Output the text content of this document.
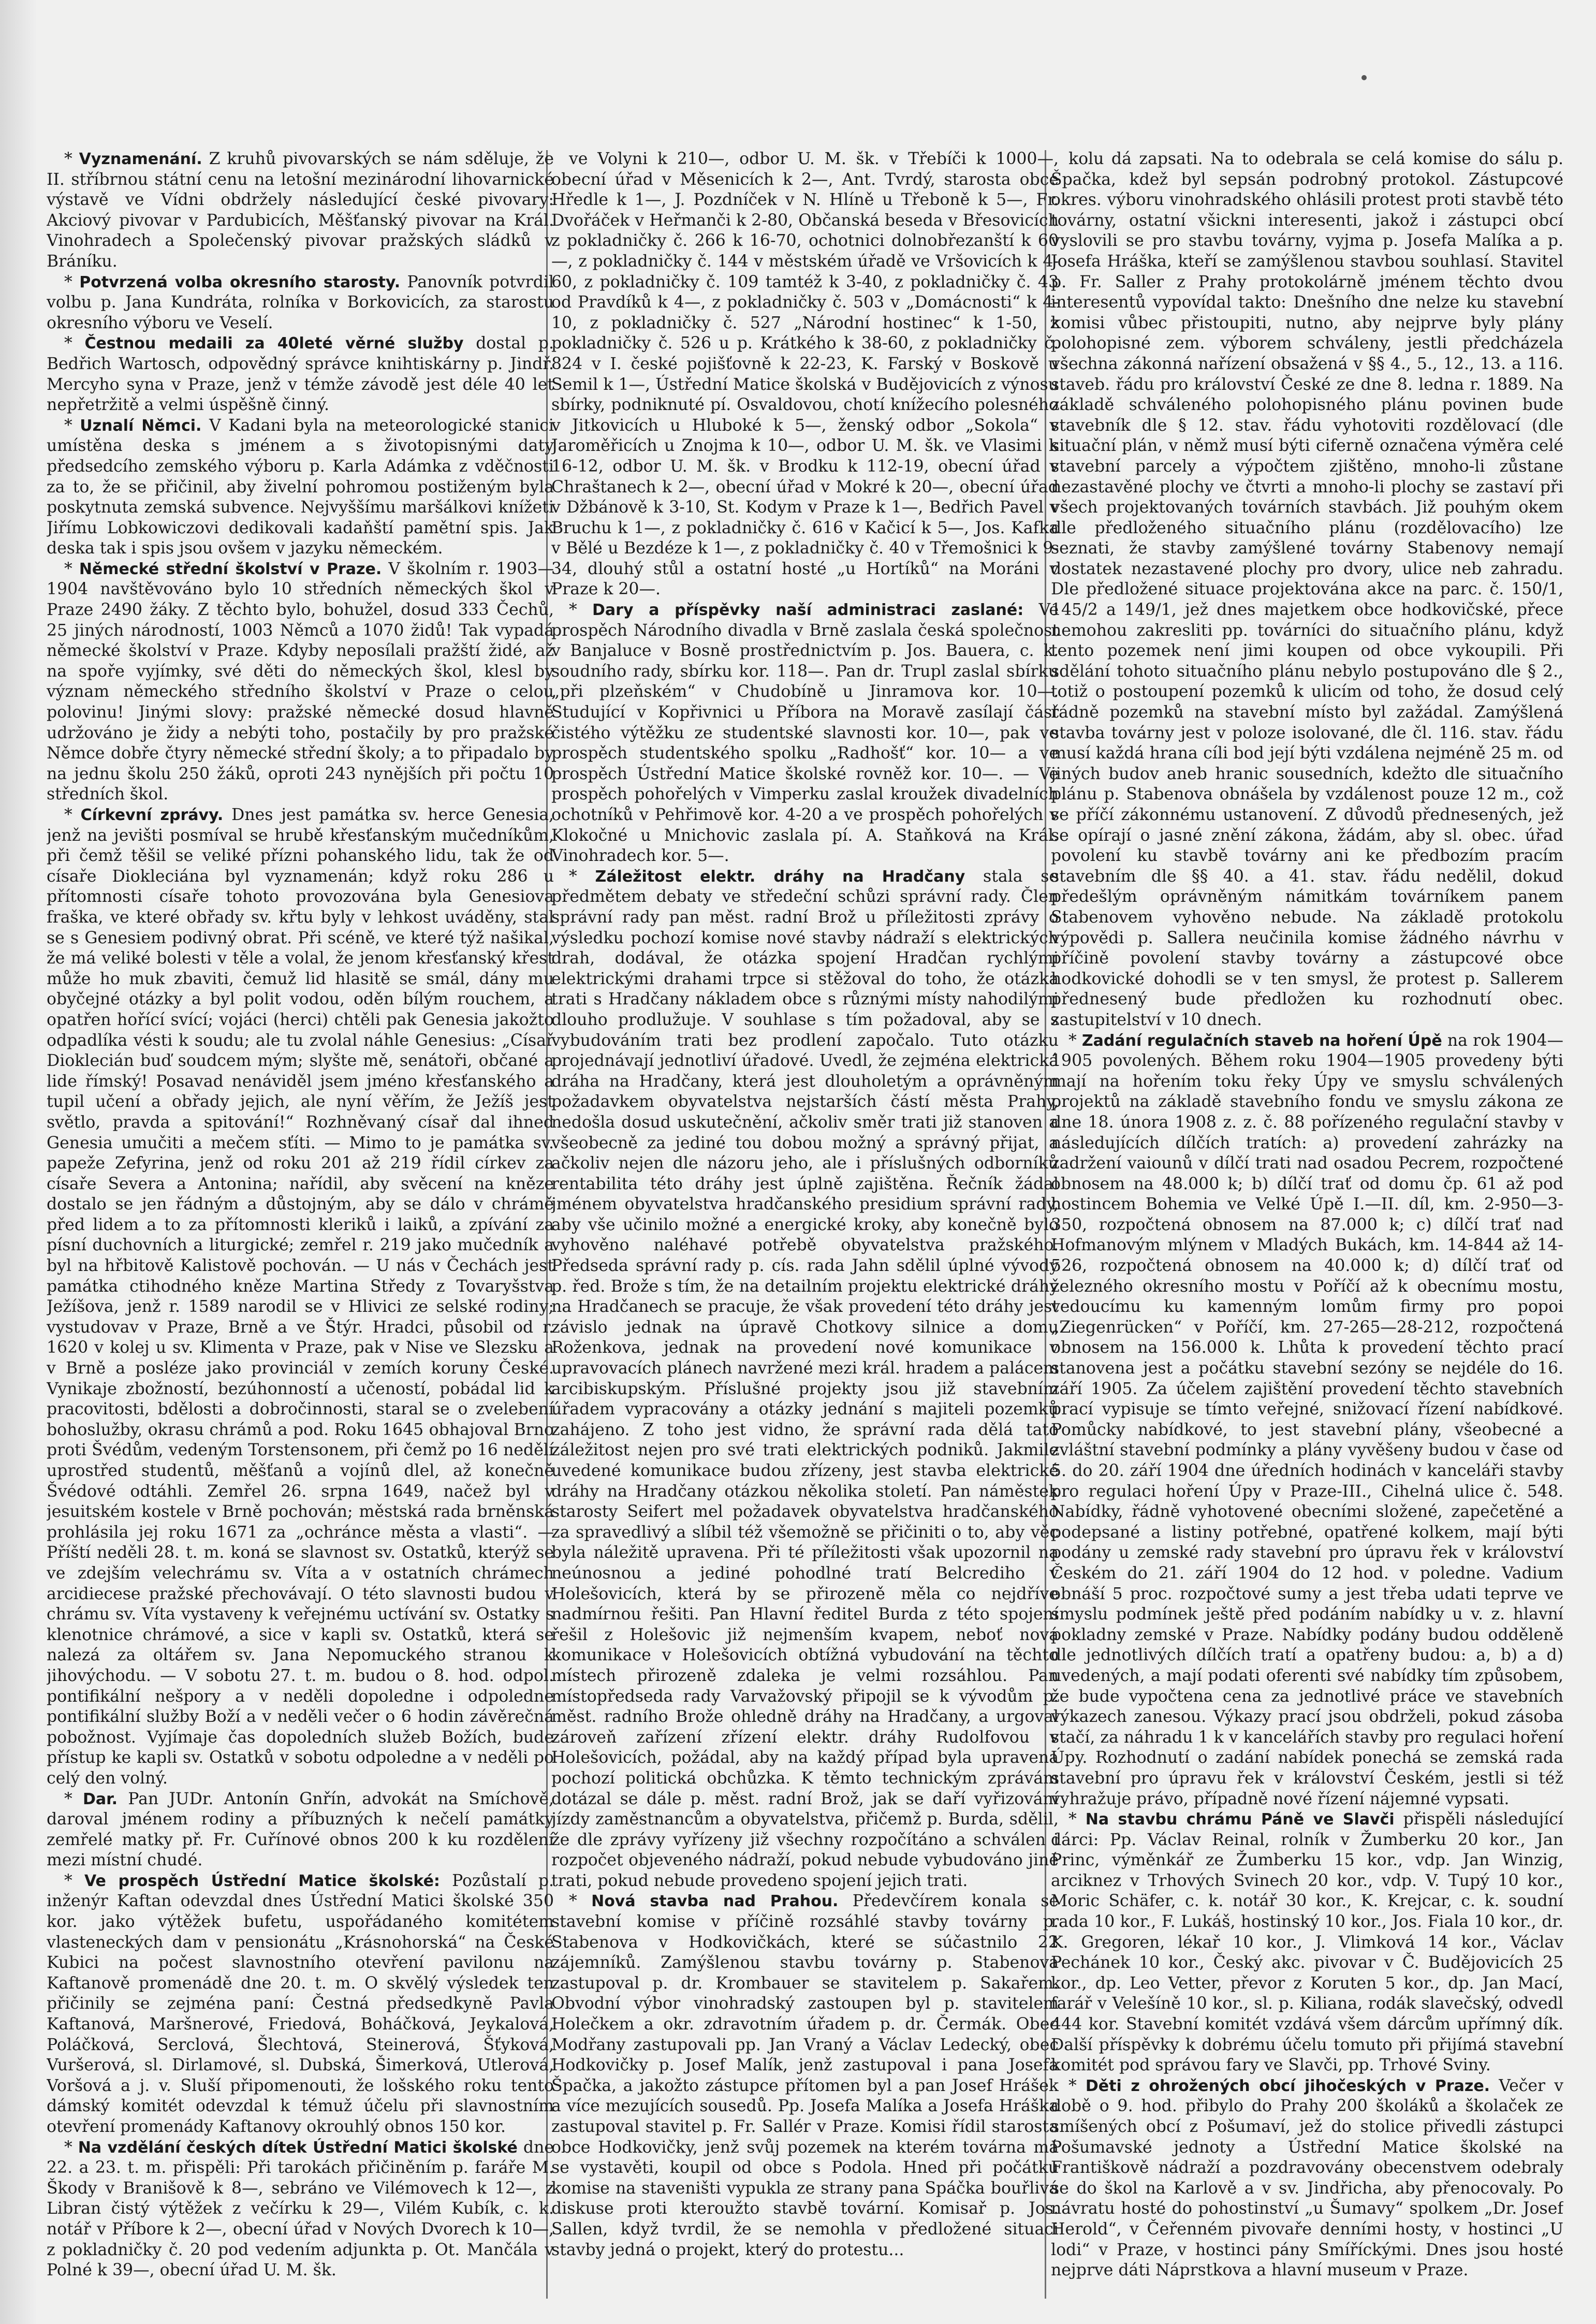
* Vyznamenání. Z kruhů pivovarských se nám sděluje, že II. stříbrnou státní cenu na letošní mezinárodní lihovarnické výstavě ve Vídni obdržely následující české pivovary: Akciový pivovar v Pardubicích, Měšťanský pivovar na Král. Vinohradech a Společenský pivovar pražských sládků v Bráníku.

* Potvrzená volba okresního starosty. Panovník potvrdil volbu p. Jana Kundráta, rolníka v Borkovicích, za starostu okresního výboru ve Veselí.

* Čestnou medaili za 40leté věrné služby dostal p. Bedřich Wartosch, odpovědný správce knihtiskárny p. Jindř. Mercyho syna v Praze, jenž v témže závodě jest déle 40 let nepřetržitě a velmi úspěšně činný.

* Uznalí Němci. V Kadani byla na meteorologické stanici umístěna deska s jménem a s životopisnými daty předsedcího zemského výboru p. Karla Adámka z vděčnosti za to, že se přičinil, aby živelní pohromou postiženým byla poskytnuta zemská subvence. Nejvyššímu maršálkovi knížeti Jiřímu Lobkowiczovi dedikovali kadaňští pamětní spis. Jak deska tak i spis jsou ovšem v jazyku německém.

* Německé střední školství v Praze. V školním r. 1903—1904 navštěvováno bylo 10 středních německých škol v Praze 2490 žáky. Z těchto bylo, bohužel, dosud 333 Čechů, 25 jiných národností, 1003 Němců a 1070 židů! Tak vypadá německé školství v Praze. Kdyby neposílali pražští židé, až na spoře vyjímky, své děti do německých škol, klesl by význam německého středního školství v Praze o celou polovinu! Jinými slovy: pražské německé dosud hlavně udržováno je židy a nebýti toho, postačily by pro pražské Němce dobře čtyry německé střední školy; a to připadalo by na jednu školu 250 žáků, oproti 243 nynějších při počtu 10 středních škol.

* Církevní zprávy. Dnes jest památka sv. herce Genesia, jenž na jevišti posmíval se hrubě křesťanským mučedníkům, při čemž těšil se veliké přízni pohanského lidu, tak že od císaře Diokleciána byl vyznamenán; když roku 286 u přítomnosti císaře tohoto provozována byla Genesiova fraška, ve které obřady sv. křtu byly v lehkost uváděny, stal se s Genesiem podivný obrat. Při scéně, ve které týž našikal, že má veliké bolesti v těle a volal, že jenom křesťanský křest může ho muk zbaviti, čemuž lid hlasitě se smál, dány mu obyčejné otázky a byl polit vodou, oděn bílým rouchem, a opatřen hořící svící; vojáci (herci) chtěli pak Genesia jakožto odpadlíka vésti k soudu; ale tu zvolal náhle Genesius: „Císař Dioklecián buď soudcem mým; slyšte mě, senátoři, občané a lide římský! Posavad nenáviděl jsem jméno křesťanského a tupil učení a obřady jejich, ale nyní věřím, že Ježíš jest světlo, pravda a spitování!“ Rozhněvaný císař dal ihned Genesia umučiti a mečem sťíti. — Mimo to je památka sv. papeže Zefyrina, jenž od roku 201 až 219 řídil církev za císaře Severa a Antonina; nařídil, aby svěcení na kněze dostalo se jen řádným a důstojným, aby se dálo v chrámě před lidem a to za přítomnosti kleriků i laiků, a zpívání za písní duchovních a liturgické; zemřel r. 219 jako mučedník a byl na hřbitově Kalistově pochován. — U nás v Čechách jest památka ctihodného kněze Martina Středy z Tovaryšstva Ježíšova, jenž r. 1589 narodil se v Hlivici ze selské rodiny; vystudovav v Praze, Brně a ve Štýr. Hradci, působil od r. 1620 v kolej u sv. Klimenta v Praze, pak v Nise ve Slezsku a v Brně a posléze jako provinciál v zemích koruny České. Vynikaje zbožností, bezúhonností a učeností, pobádal lid k pracovitosti, bdělosti a dobročinnosti, staral se o zvelebení bohoslužby, okrasu chrámů a pod. Roku 1645 obhajoval Brno proti Švédům, vedeným Torstensonem, při čemž po 16 nedělí uprostřed studentů, měšťanů a vojínů dlel, až konečně Švédové odtáhli. Zemřel 26. srpna 1649, načež byl v jesuitském kostele v Brně pochován; městská rada brněnská prohlásila jej roku 1671 za „ochránce města a vlasti“. — Příští neděli 28. t. m. koná se slavnost sv. Ostatků, kterýž se ve zdejším velechrámu sv. Víta a v ostatních chrámech arcidiecese pražské přechovávají. O této slavnosti budou v chrámu sv. Víta vystaveny k veřejnému uctívání sv. Ostatky s klenotnice chrámové, a sice v kapli sv. Ostatků, která se nalezá za oltářem sv. Jana Nepomuckého stranou k jihovýchodu. — V sobotu 27. t. m. budou o 8. hod. odpol. pontifikální nešpory a v neděli dopoledne i odpoledne pontifikální služby Boží a v neděli večer o 6 hodin závěrečná pobožnost. Vyjímaje čas dopoledních služeb Božích, bude přístup ke kapli sv. Ostatků v sobotu odpoledne a v neděli po celý den volný.

* Dar. Pan JUDr. Antonín Gnřín, advokát na Smíchově, daroval jménem rodiny a příbuzných k nečelí památky zemřelé matky př. Fr. Cuřínové obnos 200 k ku rozdělení mezi místní chudé.

* Ve prospěch Ústřední Matice školské: Pozůstalí p. inženýr Kaftan odevzdal dnes Ústřední Matici školské 350 kor. jako výtěžek bufetu, uspořádaného komitétem vlasteneckých dam v pensionátu „Krásnohorská“ na České Kubici na počest slavnostního otevření pavilonu na Kaftanově promenádě dne 20. t. m. O skvělý výsledek ten přičinily se zejména paní: Čestná předsedkyně Pavla Kaftanová, Maršnerové, Friedová, Boháčková, Jeykalová, Poláčková, Serclová, Šlechtová, Steinerová, Šťyková, Vuršerová, sl. Dirlamové, sl. Dubská, Šimerková, Utlerová, Voršová a j. v. Sluší připomenouti, že lošského roku tento dámský komitét odevzdal k témuž účelu při slavnostním otevření promenády Kaftanovy okrouhlý obnos 150 kor.

* Na vzdělání českých dítek Ústřední Matici školské dne 22. a 23. t. m. přispěli: Při tarokách přičiněním p. faráře M. Škody v Branišově k 8—, sebráno ve Vilémovech k 12—, z Libran čistý výtěžek z večírku k 29—, Vilém Kubík, c. k. notář v Příbore k 2—, obecní úřad v Nových Dvorech k 10—, z pokladničky č. 20 pod vedením adjunkta p. Ot. Mančála v Polné k 39—, obecní úřad U. M. šk.

ve Volyni k 210—, odbor U. M. šk. v Třebíči k 1000—, obecní úřad v Měsenicích k 2—, Ant. Tvrdý, starosta obce Hředle k 1—, J. Pozdníček v N. Hlíně u Třeboně k 5—, Fr. Dvořáček v Heřmanči k 2-80, Občanská beseda v Břesovicích z pokladničky č. 266 k 16-70, ochotnici dolnobřezanští k 60—, z pokladničky č. 144 v městském úřadě ve Vršovicích k 4-60, z pokladničky č. 109 tamtéž k 3-40, z pokladničky č. 43 od Pravdíků k 4—, z pokladničky č. 503 v „Domácnosti“ k 4-10, z pokladničky č. 527 „Národní hostinec“ k 1-50, z pokladničky č. 526 u p. Krátkého k 38-60, z pokladničky č. 824 v I. české pojišťovně k 22-23, K. Farský v Boskově u Semil k 1—, Ústřední Matice školská v Budějovicích z výnosu sbírky, podniknuté pí. Osvaldovou, chotí knížecího polesného v Jitkovicích u Hluboké k 5—, ženský odbor „Sokola“ v Jaroměřicích u Znojma k 10—, odbor U. M. šk. ve Vlasimi k 16-12, odbor U. M. šk. v Brodku k 112-19, obecní úřad v Chraštanech k 2—, obecní úřad v Mokré k 20—, obecní úřad v Džbánově k 3-10, St. Kodym v Praze k 1—, Bedřich Pavel v Bruchu k 1—, z pokladničky č. 616 v Kačicí k 5—, Jos. Kafka v Bělé u Bezdéze k 1—, z pokladničky č. 40 v Třemošnici k 9-34, dlouhý stůl a ostatní hosté „u Hortíků“ na Moráni v Praze k 20—.

* Dary a příspěvky naší administraci zaslané: Ve prospěch Národního divadla v Brně zaslala česká společnost v Banjaluce v Bosně prostřednictvím p. Jos. Bauera, c. k. soudního rady, sbírku kor. 118—. Pan dr. Trupl zaslal sbírku „při plzeňském“ v Chudobíně u Jinramova kor. 10—. Studující v Kopřivnici u Příbora na Moravě zasílají část čistého výtěžku ze studentské slavnosti kor. 10—, pak ve prospěch studentského spolku „Radhošť“ kor. 10— a ve prospěch Ústřední Matice školské rovněž kor. 10—. — Ve prospěch pohořelých v Vimperku zaslal kroužek divadelních ochotníků v Pehřimově kor. 4-20 a ve prospěch pohořelých v Klokočné u Mnichovic zaslala pí. A. Staňková na Král. Vinohradech kor. 5—.

* Záležitost elektr. dráhy na Hradčany stala se předmětem debaty ve středeční schůzi správní rady. Člen správní rady pan měst. radní Brož u příležitosti zprávy o výsledku pochozí komise nové stavby nádraží s elektrických drah, dodával, že otázka spojení Hradčan rychlými elektrickými drahami trpce si stěžoval do toho, že otázka trati s Hradčany nákladem obce s různými místy nahodilými dlouho prodlužuje. V souhlase s tím požadoval, aby se s vybudováním trati bez prodlení započalo. Tuto otázku projednávají jednotliví úřadové. Uvedl, že zejména elektrická dráha na Hradčany, která jest dlouholetým a oprávněným požadavkem obyvatelstva nejstarších částí města Prahy, nedošla dosud uskutečnění, ačkoliv směr trati již stanoven a všeobecně za jediné tou dobou možný a správný přijat, a ačkoliv nejen dle názoru jeho, ale i příslušných odborníků rentabilita této dráhy jest úplně zajištěna. Řečník žádal jménem obyvatelstva hradčanského presidium správní rady, aby vše učinilo možné a energické kroky, aby konečně bylo vyhověno naléhavé potřebě obyvatelstva pražského. Předseda správní rady p. cís. rada Jahn sdělil úplné vývody p. řed. Brože s tím, že na detailním projektu elektrické dráhy na Hradčanech se pracuje, že však provedení této dráhy jest závislo jednak na úpravě Chotkovy silnice a domu Roženkova, jednak na provedení nové komunikace v upravovacích plánech navržené mezi král. hradem a palácem arcibiskupským. Příslušné projekty jsou již stavebním úřadem vypracovány a otázky jednání s majiteli pozemků zahájeno. Z toho jest vidno, že správní rada dělá tato záležitost nejen pro své trati elektrických podniků. Jakmile uvedené komunikace budou zřízeny, jest stavba elektrické dráhy na Hradčany otázkou několika století. Pan náměstek starosty Seifert mel požadavek obyvatelstva hradčanského za spravedlivý a slíbil též všemožně se přičiniti o to, aby věc byla náležitě upravena. Při té příležitosti však upozornil na neúnosnou a jediné pohodlné tratí Belcrediho v Holešovicích, která by se přirozeně měla co nejdříve nadmírnou řešiti. Pan Hlavní ředitel Burda z této spojení řešil z Holešovic již nejmenším kvapem, neboť nová komunikace v Holešovicích obtížná vybudování na těchto místech přirozeně zdaleka je velmi rozsáhlou. Pan místopředseda rady Varvažovský připojil se k vývodům p. měst. radního Brože ohledně dráhy na Hradčany, a urgoval zároveň zařízení zřízení elektr. dráhy Rudolfovou v Holešovicích, požádal, aby na každý případ byla upravena pochozí politická obchůzka. K těmto technickým zprávám dotázal se dále p. měst. radní Brož, jak se daří vyřizování jízdy zaměstnancům a obyvatelstva, přičemž p. Burda, sdělil, že dle zprávy vyřízeny již všechny rozpočítáno a schválen i rozpočet objeveného nádraží, pokud nebude vybudováno jiné trati, pokud nebude provedeno spojení jejich trati.

* Nová stavba nad Prahou. Předevčírem konala se stavební komise v příčině rozsáhlé stavby továrny p. Stabenova v Hodkovičkách, které se súčastnilo 22 zájemníků. Zamýšlenou stavbu továrny p. Stabenova zastupoval p. dr. Krombauer se stavitelem p. Sakařem. Obvodní výbor vinohradský zastoupen byl p. stavitelem Holečkem a okr. zdravotním úřadem p. dr. Čermák. Obec Modřany zastupovali pp. Jan Vraný a Václav Ledecký, obec Hodkovičky p. Josef Malík, jenž zastupoval i pana Josefa Špačka, a jakožto zástupce přítomen byl a pan Josef Hrášek a více mezujících sousedů. Pp. Josefa Malíka a Josefa Hráška zastupoval stavitel p. Fr. Sallér v Praze. Komisi řídil starosta obce Hodkovičky, jenž svůj pozemek na kterém továrna má se vystavěti, koupil od obce s Podola. Hned při počátku komise na staveništi vypukla ze strany pana Spáčka bouřlivá diskuse proti kteroužto stavbě tovární. Komisař p. Jos. Sallen, když tvrdil, že se nemohla v předložené situaci stavby jedná o projekt, který do protestu...

kolu dá zapsati. Na to odebrala se celá komise do sálu p. Špačka, kdež byl sepsán podrobný protokol. Zástupcové okres. výboru vinohradského ohlásili protest proti stavbě této továrny, ostatní všickni interesenti, jakož i zástupci obcí vyslovili se pro stavbu továrny, vyjma p. Josefa Malíka a p. Josefa Hráška, kteří se zamýšlenou stavbou souhlasí. Stavitel p. Fr. Saller z Prahy protokolárně jménem těchto dvou interesentů vypovídal takto: Dnešního dne nelze ku stavební komisi vůbec přistoupiti, nutno, aby nejprve byly plány polohopisné zem. výborem schváleny, jestli předcházela všechna zákonná nařízení obsažená v §§ 4., 5., 12., 13. a 116. staveb. řádu pro království České ze dne 8. ledna r. 1889. Na základě schváleného polohopisného plánu povinen bude stavebník dle § 12. stav. řádu vyhotoviti rozdělovací (dle situační plán, v němž musí býti ciferně označena výměra celé stavební parcely a výpočtem zjištěno, mnoho-li zůstane nezastavěné plochy ve čtvrti a mnoho-li plochy se zastaví při všech projektovaných továrních stavbách. Již pouhým okem dle předloženého situačního plánu (rozdělovacího) lze seznati, že stavby zamýšlené továrny Stabenovy nemají dostatek nezastavené plochy pro dvory, ulice neb zahradu. Dle předložené situace projektována akce na parc. č. 150/1, 145/2 a 149/1, jež dnes majetkem obce hodkovičské, přece nemohou zakresliti pp. továrníci do situačního plánu, když tento pozemek není jimi koupen od obce vykoupili. Při sdělání tohoto situačního plánu nebylo postupováno dle § 2., totiž o postoupení pozemků k ulicím od toho, že dosud celý řádně pozemků na stavební místo byl zažádal. Zamýšlená stavba továrny jest v poloze isolované, dle čl. 116. stav. řádu musí každá hrana cíli bod její býti vzdálena nejméně 25 m. od jiných budov aneb hranic sousedních, kdežto dle situačního plánu p. Stabenova obnášela by vzdálenost pouze 12 m., což se příčí zákonnému ustanovení. Z důvodů přednesených, jež se opírají o jasné znění zákona, žádám, aby sl. obec. úřad povolení ku stavbě továrny ani ke předbozím pracím stavebním dle §§ 40. a 41. stav. řádu nedělil, dokud předešlým oprávněným námitkám továrníkem panem Stabenovem vyhověno nebude. Na základě protokolu výpovědi p. Sallera neučinila komise žádného návrhu v příčině povolení stavby továrny a zástupcové obce hodkovické dohodli se v ten smysl, že protest p. Sallerem přednesený bude předložen ku rozhodnutí obec. zastupitelství v 10 dnech.

* Zadání regulačních staveb na hoření Úpě na rok 1904—1905 povolených. Během roku 1904—1905 provedeny býti mají na hořením toku řeky Úpy ve smyslu schválených projektů na základě stavebního fondu ve smyslu zákona ze dne 18. února 1908 z. z. č. 88 pořízeného regulační stavby v následujících dílčích tratích: a) provedení zahrázky na zadržení vaiounů v dílčí trati nad osadou Pecrem, rozpočtené obnosem na 48.000 k; b) dílčí trať od domu čp. 61 až pod hostincem Bohemia ve Velké Úpě I.—II. díl, km. 2-950—3-350, rozpočtená obnosem na 87.000 k; c) dílčí trať nad Hofmanovým mlýnem v Mladých Bukách, km. 14-844 až 14-526, rozpočtená obnosem na 40.000 k; d) dílčí trať od železného okresního mostu v Poříčí až k obecnímu mostu, vedoucímu ku kamenným lomům firmy pro popoi „Ziegenrücken“ v Poříčí, km. 27-265—28-212, rozpočtená obnosem na 156.000 k. Lhůta k provedení těchto prací stanovena jest a počátku stavební sezóny se nejdéle do 16. září 1905. Za účelem zajištění provedení těchto stavebních prací vypisuje se tímto veřejné, snižovací řízení nabídkové. Pomůcky nabídkové, to jest stavební plány, všeobecné a zvláštní stavební podmínky a plány vyvěšeny budou v čase od 5. do 20. září 1904 dne úředních hodinách v kanceláři stavby pro regulaci hoření Úpy v Praze-III., Cihelná ulice č. 548. Nabídky, řádně vyhotovené obecními složené, zapečetěné a podepsané a listiny potřebné, opatřené kolkem, mají býti podány u zemské rady stavební pro úpravu řek v království Českém do 21. září 1904 do 12 hod. v poledne. Vadium obnáší 5 proc. rozpočtové sumy a jest třeba udati teprve ve smyslu podmínek ještě před podáním nabídky u v. z. hlavní pokladny zemské v Praze. Nabídky podány budou odděleně dle jednotlivých dílčích tratí a opatřeny budou: a, b) a d) uvedených, a mají podati oferenti své nabídky tím způsobem, že bude vypočtena cena za jednotlivé práce ve stavebních výkazech zanesou. Výkazy prací jsou obdrželi, pokud zásoba stačí, za náhradu 1 k v kancelářích stavby pro regulaci hoření Úpy. Rozhodnutí o zadání nabídek ponechá se zemská rada stavební pro úpravu řek v království Českém, jestli si též vyhražuje právo, případně nové řízení nájemné vypsati.

* Na stavbu chrámu Páně ve Slavči přispěli následující dárci: Pp. Václav Reinal, rolník v Žumberku 20 kor., Jan Princ, výměnkář ze Žumberku 15 kor., vdp. Jan Winzig, arciknez v Trhových Svinech 20 kor., vdp. V. Tupý 10 kor., Moric Schäfer, c. k. notář 30 kor., K. Krejcar, c. k. soudní rada 10 kor., F. Lukáš, hostinský 10 kor., Jos. Fiala 10 kor., dr. K. Gregoren, lékař 10 kor., J. Vlimková 14 kor., Václav Pechánek 10 kor., Český akc. pivovar v Č. Budějovicích 25 kor., dp. Leo Vetter, převor z Koruten 5 kor., dp. Jan Mací, farář v Velešíně 10 kor., sl. p. Kiliana, rodák slavečský, odvedl 444 kor. Stavební komitét vzdává všem dárcům upřímný dík. Další příspěvky k dobrému účelu tomuto při přijímá stavební komitét pod správou fary ve Slavči, pp. Trhové Sviny.

* Děti z ohrožených obcí jihočeských v Praze. Večer v době o 9. hod. přibylo do Prahy 200 školáků a školaček ze smíšených obcí z Pošumaví, jež do stolice přivedli zástupci Pošumavské jednoty a Ústřední Matice školské na Františkově nádraží a pozdravovány obecenstvem odebraly se do škol na Karlově a v sv. Jindřicha, aby přenocovaly. Po návratu hosté do pohostinství „u Šumavy“ spolkem „Dr. Josef Herold“, v Čeřenném pivovaře denními hosty, v hostinci „U lodi“ v Praze, v hostinci pány Smíříckými. Dnes jsou hosté nejprve dáti Náprstkova a hlavní museum v Praze.
